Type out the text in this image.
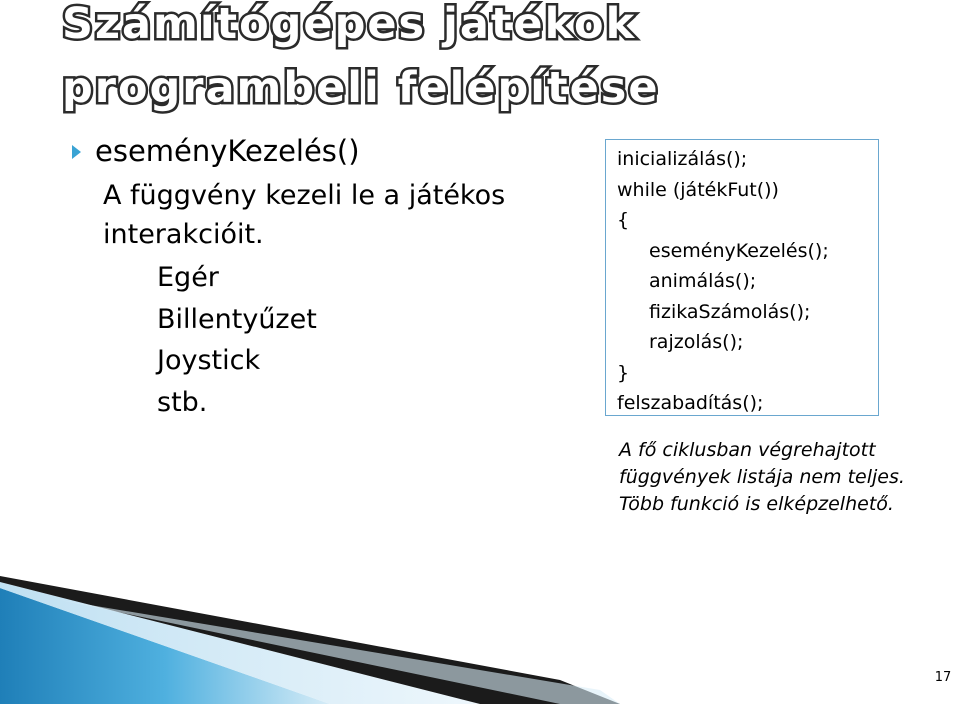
Számítógépes játékok programbeli felépítése
eseményKezelés()

A függvény kezeli le a játékos interakcióit.

Egér
Billentyűzet
Joystick
stb.
inicializálás();
while (játékFut())
{
eseményKezelés();
animálás();
fizikaSzámolás();
rajzolás();
}
felszabadítás();

A fő ciklusban végrehajtott függvények listája nem teljes. Több funkció is elképzelhető.

17
